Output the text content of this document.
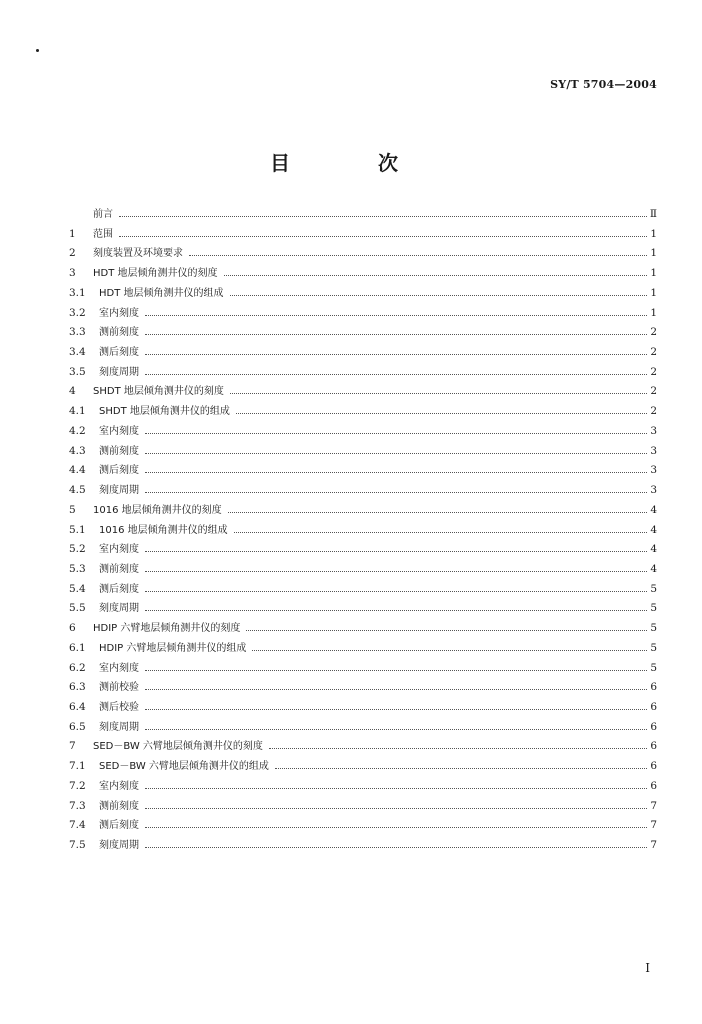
SY/T 5704—2004
目　次
前言	Ⅱ
1	范围	1
2	刻度装置及环境要求	1
3	HDT 地层倾角测井仪的刻度	1
3.1	HDT 地层倾角测井仪的组成	1
3.2	室内刻度	1
3.3	测前刻度	2
3.4	测后刻度	2
3.5	刻度周期	2
4	SHDT 地层倾角测井仪的刻度	2
4.1	SHDT 地层倾角测井仪的组成	2
4.2	室内刻度	3
4.3	测前刻度	3
4.4	测后刻度	3
4.5	刻度周期	3
5	1016 地层倾角测井仪的刻度	4
5.1	1016 地层倾角测井仪的组成	4
5.2	室内刻度	4
5.3	测前刻度	4
5.4	测后刻度	5
5.5	刻度周期	5
6	HDIP 六臂地层倾角测井仪的刻度	5
6.1	HDIP 六臂地层倾角测井仪的组成	5
6.2	室内刻度	5
6.3	测前校验	6
6.4	测后校验	6
6.5	刻度周期	6
7	SED－BW 六臂地层倾角测井仪的刻度	6
7.1	SED－BW 六臂地层倾角测井仪的组成	6
7.2	室内刻度	6
7.3	测前刻度	7
7.4	测后刻度	7
7.5	刻度周期	7
I
